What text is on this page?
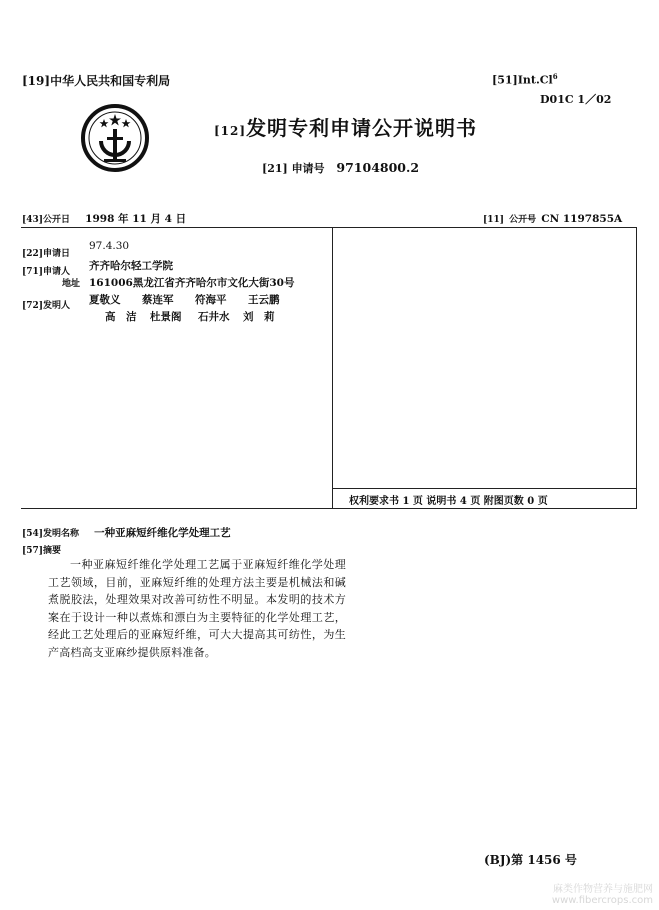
[19]中华人民共和国专利局	[51]Int.Cl$^6$
D01C 1／02
[12]发明专利申请公开说明书
[21] 申请号 97104800.2
[43]公开日 1998 年 11 月 4 日	[11] 公开号 CN 1197855A
[22]申请日
97.4.30
[71]申请人 齐齐哈尔轻工学院
地址 161006黑龙江省齐齐哈尔市文化大街30号
[72]发明人 夏敬义 蔡连军 符海平 王云鹏
高　洁 杜景阁 石井水 刘　莉
权利要求书 1 页 说明书 4 页 附图页数 0 页
[54]发明名称 一种亚麻短纤维化学处理工艺
[57]摘要
一种亚麻短纤维化学处理工艺属于亚麻短纤维化学处理工艺领域，目前，亚麻短纤维的处理方法主要是机械法和碱煮脱胶法，处理效果对改善可纺性不明显。本发明的技术方案在于设计一种以煮炼和漂白为主要特征的化学处理工艺，经此工艺处理后的亚麻短纤维，可大大提高其可纺性，为生产高档高支亚麻纱提供原料准备。
(BJ)第 1456 号
麻类作物营养与施肥网
www.fibercrops.com
